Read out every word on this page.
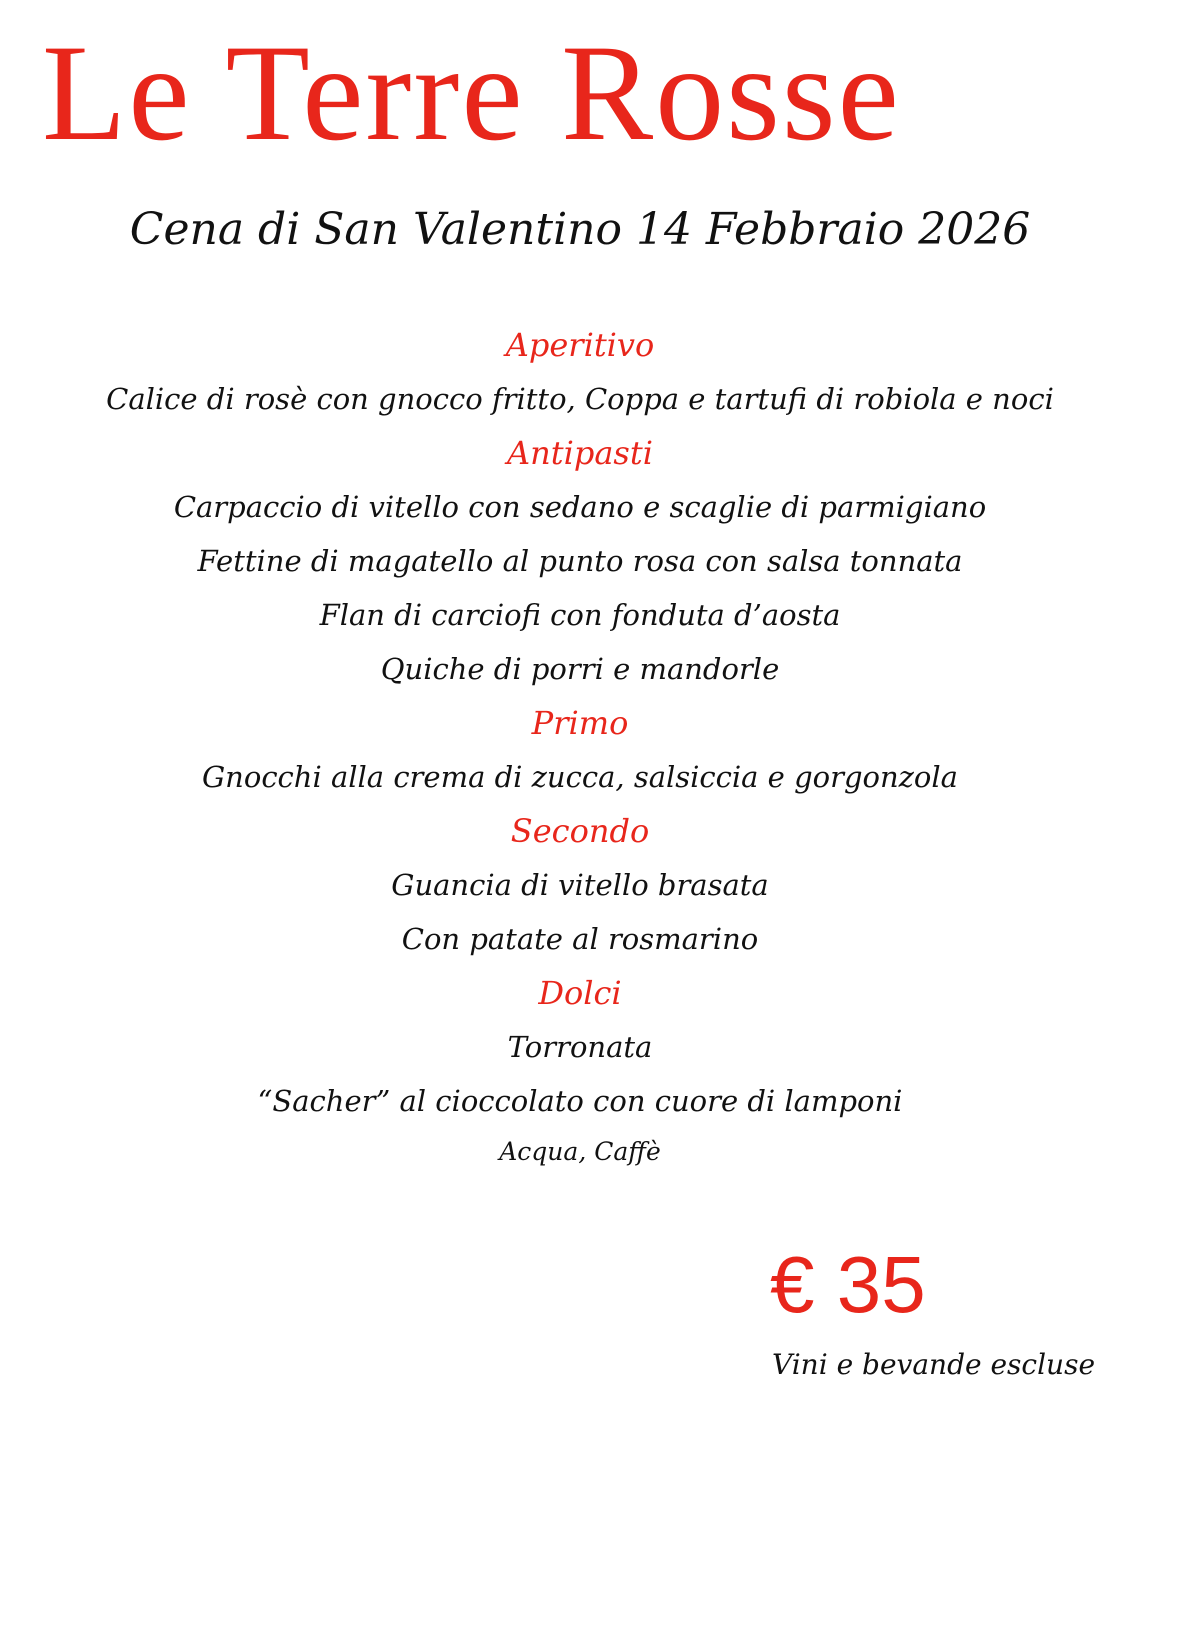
Le Terre Rosse
Cena di San Valentino 14 Febbraio 2026

Aperitivo

Calice di rosè con gnocco fritto, Coppa e tartufi di robiola e noci

Antipasti

Carpaccio di vitello con sedano e scaglie di parmigiano

Fettine di magatello al punto rosa con salsa tonnata

Flan di carciofi con fonduta d’aosta

Quiche di porri e mandorle

Primo

Gnocchi alla crema di zucca, salsiccia e gorgonzola

Secondo

Guancia di vitello brasata

Con patate al rosmarino

Dolci

Torronata

“Sacher” al cioccolato con cuore di lamponi

Acqua, Caffè
€ 35
Vini e bevande escluse
